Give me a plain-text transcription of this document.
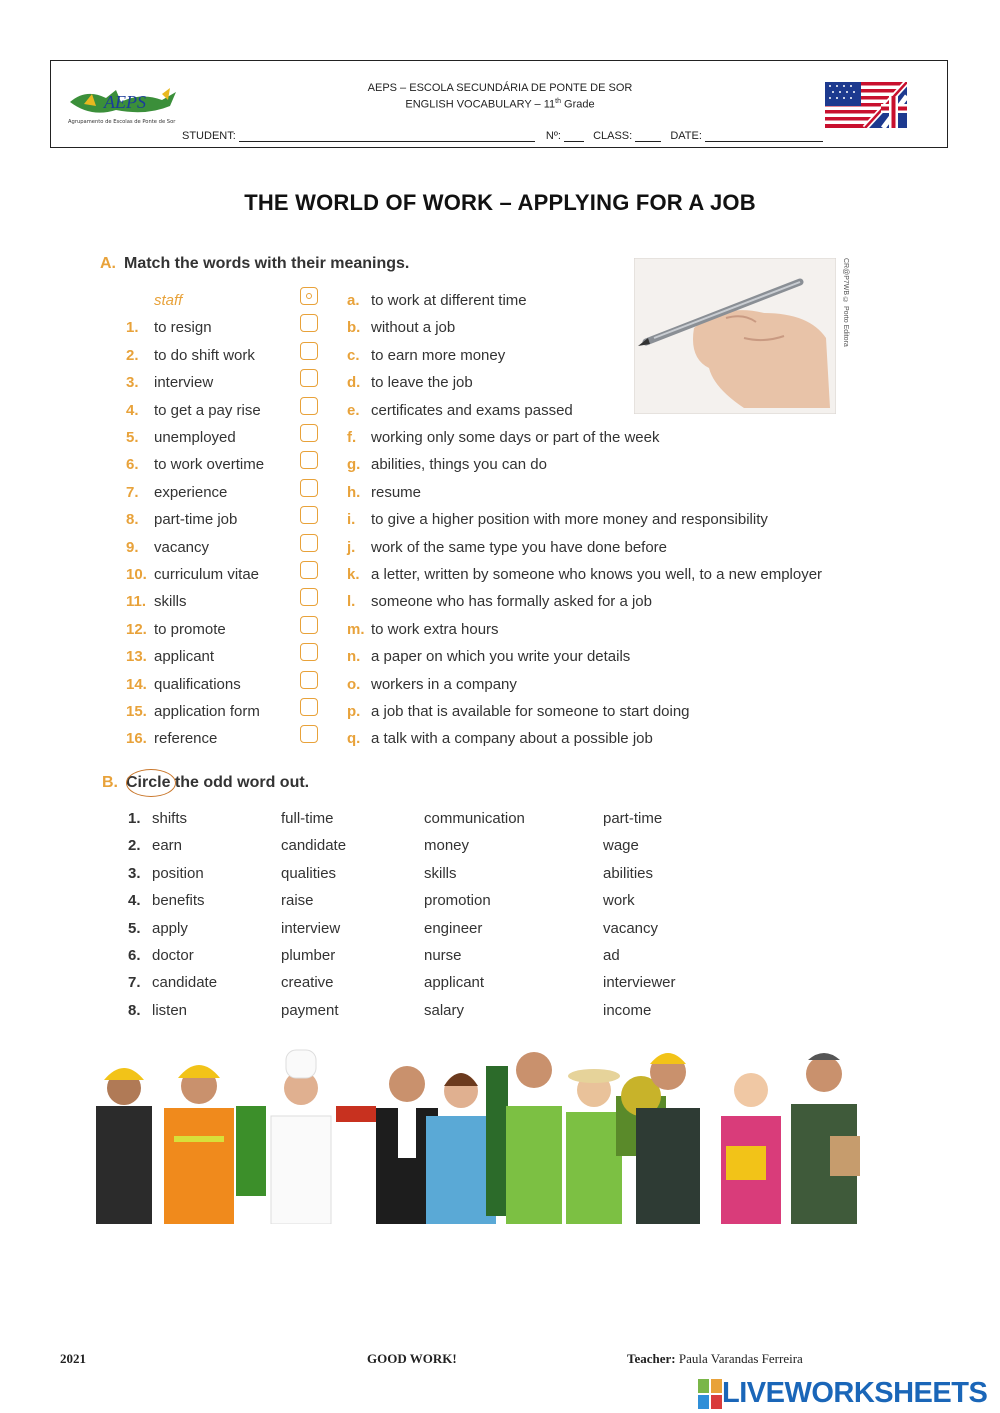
AEPS
Agrupamento de Escolas de Ponte de Sor
AEPS – ESCOLA SECUNDÁRIA DE PONTE DE SOR
ENGLISH VOCABULARY – 11th Grade
STUDENT:	Nº:	CLASS:	DATE:
THE WORLD OF WORK – APPLYING FOR A JOB
A. Match the words with their meanings.
staff
1. to resign
2. to do shift work
3. interview
4. to get a pay rise
5. unemployed
6. to work overtime
7. experience
8. part-time job
9. vacancy
10. curriculum vitae
11. skills
12. to promote
13. applicant
14. qualifications
15. application form
16. reference
a. to work at different time
b. without a job
c. to earn more money
d. to leave the job
e. certificates and exams passed
f. working only some days or part of the week
g. abilities, things you can do
h. resume
i. to give a higher position with more money and responsibility
j. work of the same type you have done before
k. a letter, written by someone who knows you well, to a new employer
l. someone who has formally asked for a job
m. to work extra hours
n. a paper on which you write your details
o. workers in a company
p. a job that is available for someone to start doing
q. a talk with a company about a possible job
CR@P7WB © Porto Editora
B. Circle the odd word out.
1. shifts	full-time	communication	part-time
2. earn	candidate	money	wage
3. position	qualities	skills	abilities
4. benefits	raise	promotion	work
5. apply	interview	engineer	vacancy
6. doctor	plumber	nurse	ad
7. candidate	creative	applicant	interviewer
8. listen	payment	salary	income
2021	GOOD WORK!	Teacher: Paula Varandas Ferreira
LIVEWORKSHEETS
